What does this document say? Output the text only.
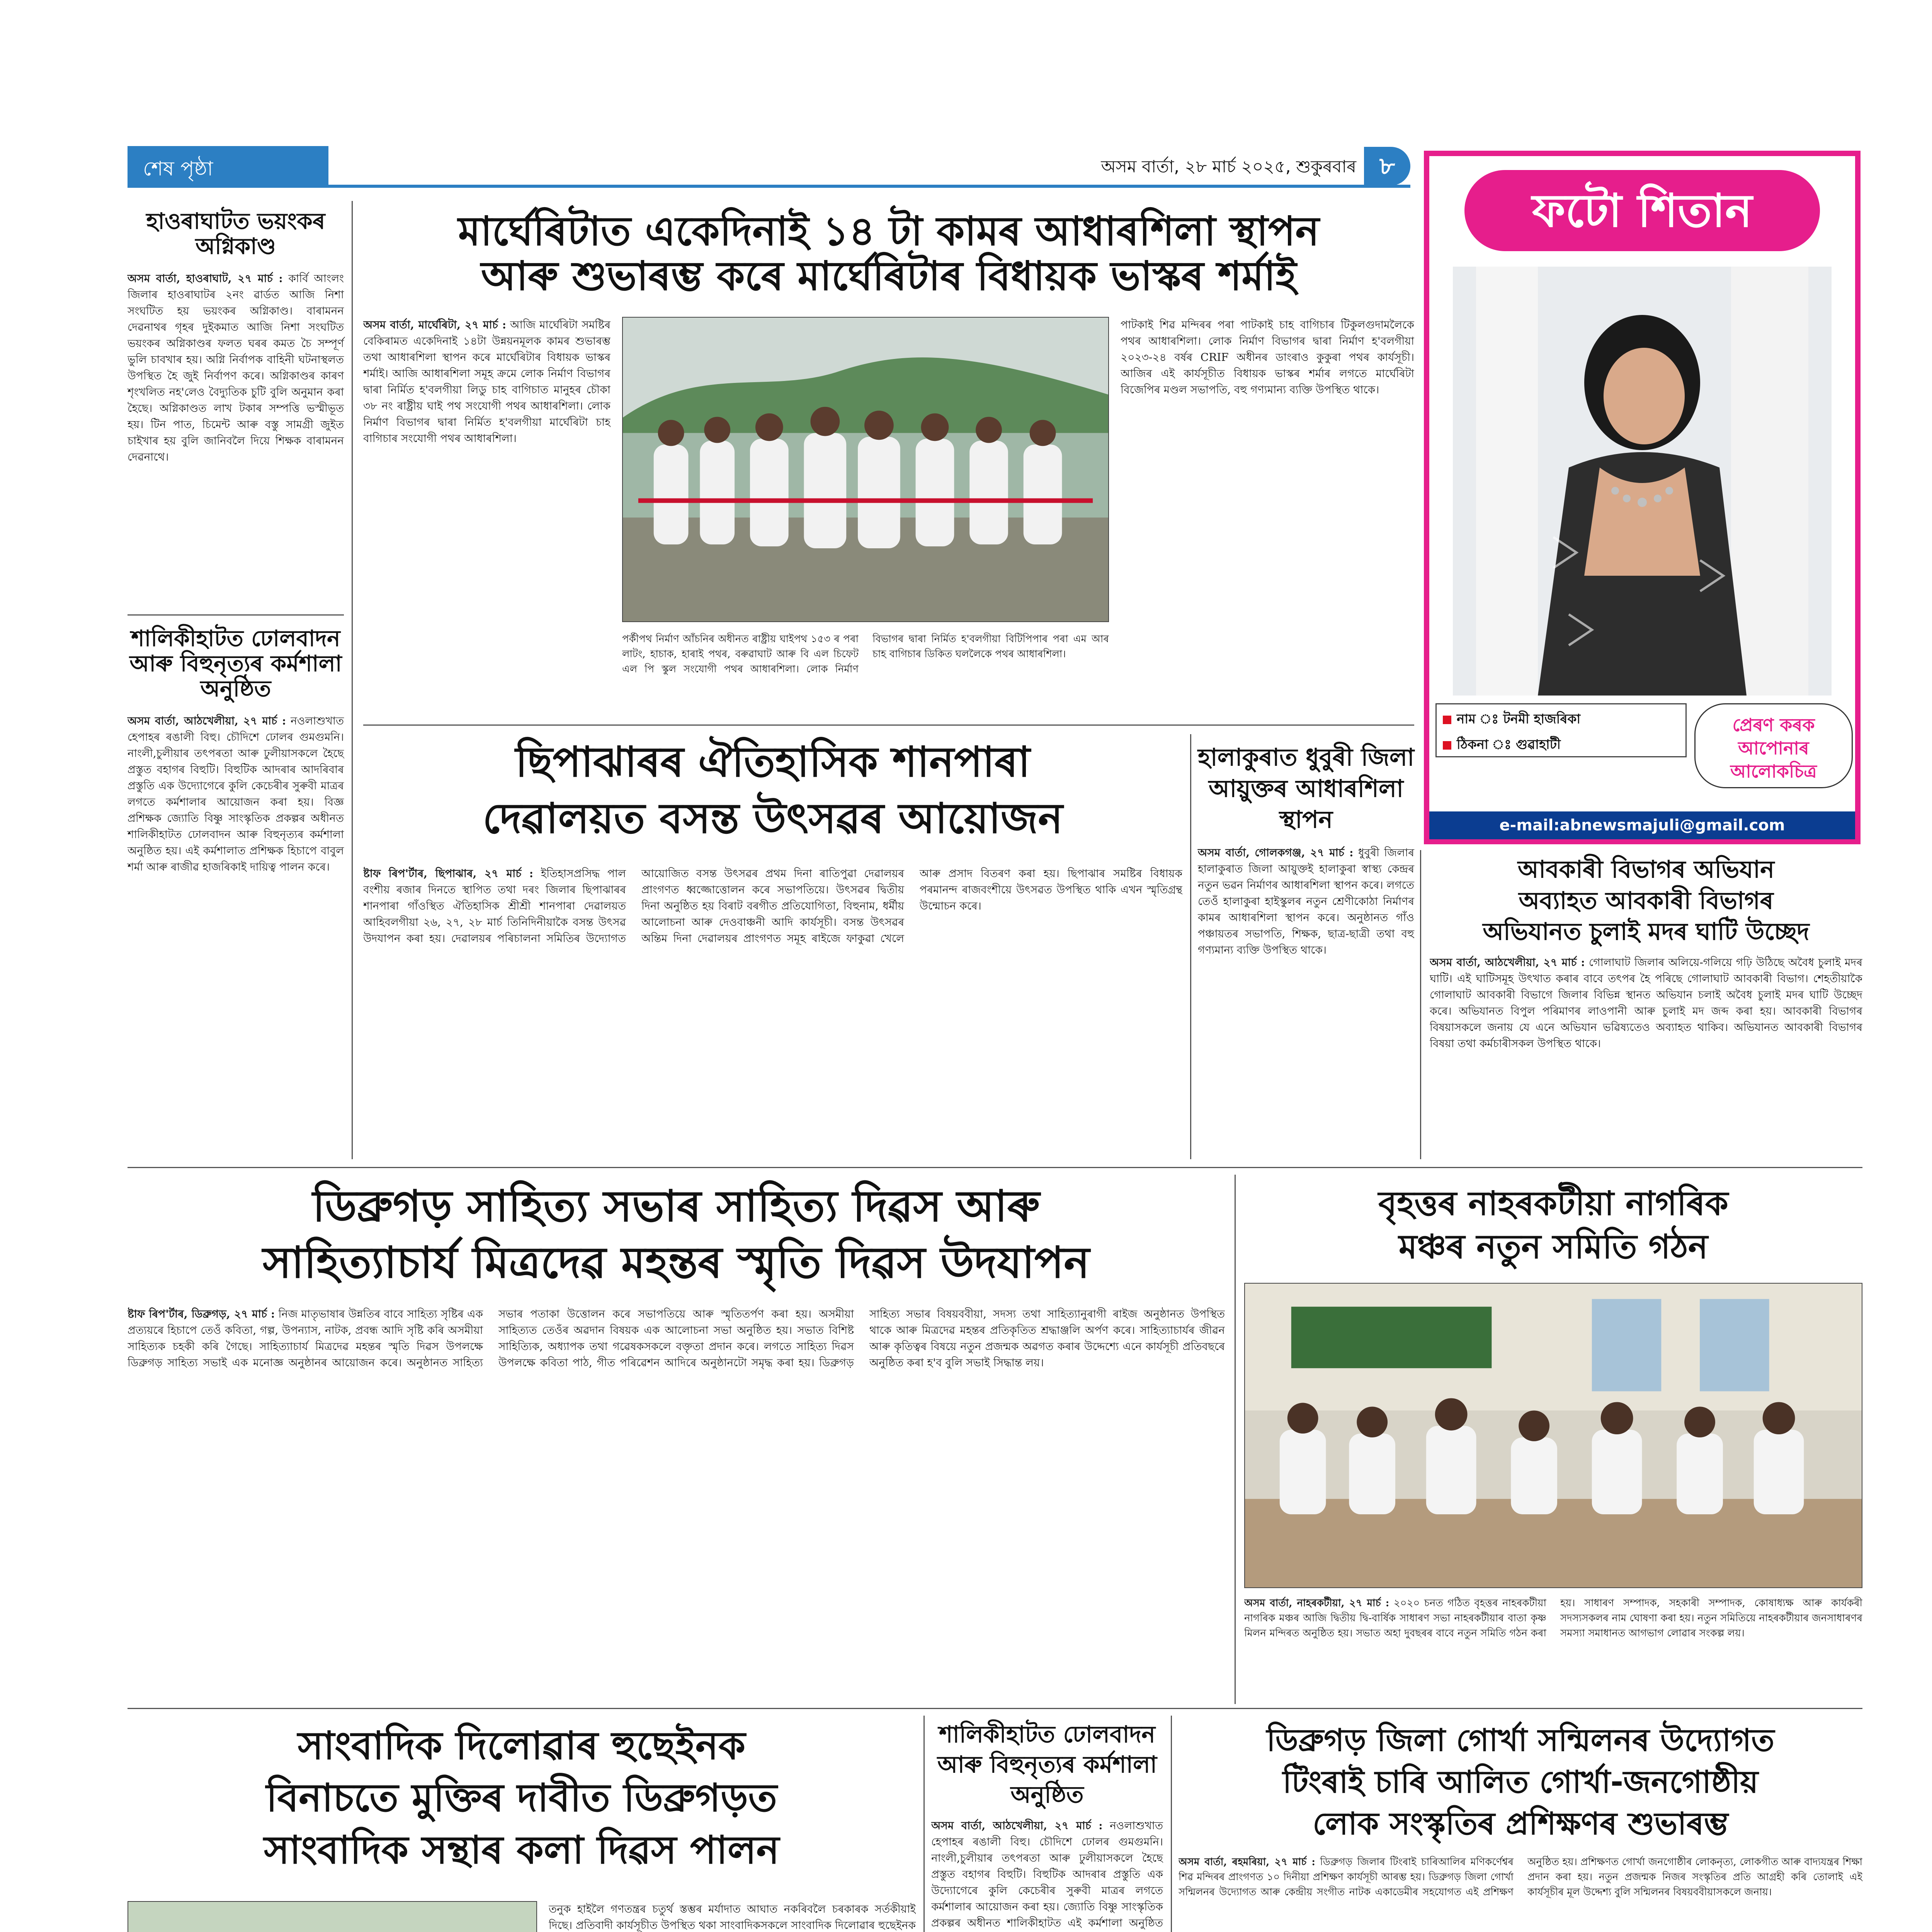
শেষ পৃষ্ঠা	অসম বাৰ্তা, ২৮ মাৰ্চ ২০২৫, শুকুৰবাৰ ৮
হাওৰাঘাটত ভয়ংকৰ অগ্নিকাণ্ড
অসম বাৰ্তা, হাওৰাঘাট, ২৭ মাৰ্চ : কাৰ্বি আংলং জিলাৰ হাওৰাঘাটৰ ২নং ৱাৰ্ডত আজি নিশা সংঘটিত হয় ভয়ংকৰ অগ্নিকাণ্ড। বাৰামনন দেৱনাথৰ গৃহৰ দুইকমাত আজি নিশা সংঘটিত ভয়ংকৰ অগ্নিকাণ্ডৰ ফলত ঘৰৰ কমত চৈ সম্পূৰ্ণ ভুলি চাবখাৰ হয়। অগ্নি নিৰ্বাপক বাহিনী ঘটনাস্থলত উপস্থিত হৈ জুই নিৰ্বাপণ কৰে। অগ্নিকাণ্ডৰ কাৰণ শৃংখলিত নহ'লেও বৈদ্যুতিক চুটি বুলি অনুমান কৰা হৈছে। অগ্নিকাণ্ডত লাখ টকাৰ সম্পত্তি ভস্মীভূত হয়। টিন পাত, চিমেন্ট আৰু বস্তু সামগ্ৰী জুইত চাইখাৰ হয় বুলি জানিবলৈ দিয়ে শিক্ষক বাৰামনন দেৱনাথে।
শালিকীহাটত ঢোলবাদন আৰু বিহুনৃত্যৰ কৰ্মশালা অনুষ্ঠিত
অসম বাৰ্তা, আঠখেলীয়া, ২৭ মাৰ্চ : নওলাশুখাত হেপাহৰ ৰঙালী বিহু। চৌদিশে ঢোলৰ গুমগুমনি। নাংলী,চুলীয়াৰ তৎপৰতা আৰু ঢুলীয়াসকলে হৈছে প্ৰস্তুত বহাগৰ বিহুটি। বিহুটিক আদৰাৰ আদৰিবাৰ প্ৰস্তুতি এক উদ্যোগেৰে কুলি কেচেৰীৰ সুৰুবী মাত্ৰৰ লগতে কৰ্মশালাৰ আয়োজন কৰা হয়। বিজ্ঞ প্ৰশিক্ষক জ্যোতি বিষ্ণু সাংস্কৃতিক প্ৰকল্পৰ অধীনত শালিকীহাটত ঢোলবাদন আৰু বিহুনৃত্যৰ কৰ্মশালা অনুষ্ঠিত হয়। এই কৰ্মশালাত প্ৰশিক্ষক হিচাপে বাবুল শৰ্মা আৰু ৰাজীৱ হাজৰিকাই দায়িত্ব পালন কৰে।
মাৰ্ঘেৰিটাত একেদিনাই ১৪ টা কামৰ আধাৰশিলা স্থাপন
আৰু শুভাৰম্ভ কৰে মাৰ্ঘেৰিটাৰ বিধায়ক ভাস্কৰ শৰ্মাই
অসম বাৰ্তা, মাৰ্ঘেৰিটা, ২৭ মাৰ্চ : আজি মাৰ্ঘেৰিটা সমষ্টিৰ বেকিৰামত একেদিনাই ১৪টা উন্নয়নমূলক কামৰ শুভাৰম্ভ তথা আধাৰশিলা স্থাপন কৰে মাৰ্ঘেৰিটাৰ বিধায়ক ভাস্কৰ শৰ্মাই। আজি আধাৰশিলা সমূহ ক্ৰমে লোক নিৰ্মাণ বিভাগৰ দ্বাৰা নিৰ্মিত হ'বলগীয়া লিডু চাহ বাগিচাত মানুহৰ চৌকা ৩৮ নং ৰাষ্ট্ৰীয় ঘাই পথ সংযোগী পথৰ আধাৰশিলা। লোক নিৰ্মাণ বিভাগৰ দ্বাৰা নিৰ্মিত হ'বলগীয়া মাৰ্ঘেৰিটা চাহ বাগিচাৰ সংযোগী পথৰ আধাৰশিলা।
পাটকাই শিৱ মন্দিৰৰ পৰা পাটকাই চাহ বাগিচাৰ টিকুলগুদামলৈকে পথৰ আধাৰশিলা। লোক নিৰ্মাণ বিভাগৰ দ্বাৰা নিৰ্মাণ হ'বলগীয়া ২০২৩-২৪ বৰ্ষৰ CRIF অধীনৰ ডাংৰাও কুকুৰা পথৰ কাৰ্যসূচী। আজিৰ এই কাৰ্যসূচীত বিধায়ক ভাস্কৰ শৰ্মাৰ লগতে মাৰ্ঘেৰিটা বিজেপিৰ মণ্ডল সভাপতি, বহু গণ্যমান্য ব্যক্তি উপস্থিত থাকে।
পৰ্কীপথ নিৰ্মাণ আঁচনিৰ অধীনত ৰাষ্ট্ৰীয় ঘাইপথ ১৫৩ ৰ পৰা লাটং, হাচাক, হাৰাই পথৰ, বৰুৱাঘাট আৰু বি এল চিফেট এল পি স্কুল সংযোগী পথৰ আধাৰশিলা। লোক নিৰ্মাণ বিভাগৰ দ্বাৰা নিৰ্মিত হ'বলগীয়া বিটিপিপাৰ পৰা এম আৰ চাহ বাগিচাৰ ডিকিত ঘললৈকে পথৰ আধাৰশিলা।
ফটো শিতান
নাম ঃ টনমী হাজৰিকা
ঠিকনা ঃ গুৱাহাটী
প্ৰেৰণ কৰক আপোনাৰ আলোকচিত্ৰ
e-mail:abnewsmajuli@gmail.com
ছিপাঝাৰৰ ঐতিহাসিক শানপাৰা
দেৱালয়ত বসন্ত উৎসৱৰ আয়োজন
ষ্টাফ ৰিপ'ৰ্টাৰ, ছিপাঝাৰ, ২৭ মাৰ্চ : ইতিহাসপ্ৰসিদ্ধ পাল বংশীয় ৰজাৰ দিনতে স্থাপিত তথা দৰং জিলাৰ ছিপাঝাৰৰ শানপাৰা গাঁওস্থিত ঐতিহাসিক শ্ৰীশ্ৰী শানপাৰা দেৱালয়ত আহিবলগীয়া ২৬, ২৭, ২৮ মাৰ্চ তিনিদিনীয়াকৈ বসন্ত উৎসৱ উদযাপন কৰা হয়। দেৱালয়ৰ পৰিচালনা সমিতিৰ উদ্যোগত আয়োজিত বসন্ত উৎসৱৰ প্ৰথম দিনা ৰাতিপুৱা দেৱালয়ৰ প্ৰাংগণত ধ্বজ্জোত্তোলন কৰে সভাপতিয়ে। উৎসৱৰ দ্বিতীয় দিনা অনুষ্ঠিত হয় বিৰাট বৰগীত প্ৰতিযোগিতা, বিহুনাম, ধৰ্মীয় আলোচনা আৰু দেওবাঞ্চনী আদি কাৰ্যসূচী। বসন্ত উৎসৱৰ অন্তিম দিনা দেৱালয়ৰ প্ৰাংগণত সমূহ ৰাইজে ফাকুৱা খেলে আৰু প্ৰসাদ বিতৰণ কৰা হয়। ছিপাঝাৰ সমষ্টিৰ বিধায়ক পৰমানন্দ ৰাজবংশীয়ে উৎসৱত উপস্থিত থাকি এখন স্মৃতিগ্ৰন্থ উন্মোচন কৰে।
হালাকুৰাত ধুবুৰী জিলা আয়ুক্তৰ আধাৰশিলা স্থাপন
অসম বাৰ্তা, গোলকগঞ্জ, ২৭ মাৰ্চ : ধুবুৰী জিলাৰ হালাকুৰাত জিলা আয়ুক্তই হালাকুৰা স্বাস্থ্য কেন্দ্ৰৰ নতুন ভৱন নিৰ্মাণৰ আধাৰশিলা স্থাপন কৰে। লগতে তেওঁ হালাকুৰা হাইস্কুলৰ নতুন শ্ৰেণীকোঠা নিৰ্মাণৰ কামৰ আধাৰশিলা স্থাপন কৰে। অনুষ্ঠানত গাঁও পঞ্চায়তৰ সভাপতি, শিক্ষক, ছাত্ৰ-ছাত্ৰী তথা বহু গণ্যমান্য ব্যক্তি উপস্থিত থাকে।
আবকাৰী বিভাগৰ অভিযান
অব্যাহত আবকাৰী বিভাগৰ
অভিযানত চুলাই মদৰ ঘাটি উচ্ছেদ
অসম বাৰ্তা, আঠখেলীয়া, ২৭ মাৰ্চ : গোলাঘাট জিলাৰ অলিয়ে-গলিয়ে গঢ়ি উঠিছে অবৈধ চুলাই মদৰ ঘাটি। এই ঘাটিসমূহ উৎখাত কৰাৰ বাবে তৎপৰ হৈ পৰিছে গোলাঘাট আবকাৰী বিভাগ। শেহতীয়াকৈ গোলাঘাট আবকাৰী বিভাগে জিলাৰ বিভিন্ন স্থানত অভিযান চলাই অবৈধ চুলাই মদৰ ঘাটি উচ্ছেদ কৰে। অভিযানত বিপুল পৰিমাণৰ লাওপানী আৰু চুলাই মদ জব্দ কৰা হয়। আবকাৰী বিভাগৰ বিষয়াসকলে জনায় যে এনে অভিযান ভৱিষ্যতেও অব্যাহত থাকিব। অভিযানত আবকাৰী বিভাগৰ বিষয়া তথা কৰ্মচাৰীসকল উপস্থিত থাকে।
ডিব্ৰুগড় সাহিত্য সভাৰ সাহিত্য দিৱস আৰু
সাহিত্যাচাৰ্য মিত্ৰদেৱ মহন্তৰ স্মৃতি দিৱস উদযাপন
ষ্টাফ ৰিপ'ৰ্টাৰ, ডিব্ৰুগড়, ২৭ মাৰ্চ : নিজ মাতৃভাষাৰ উন্নতিৰ বাবে সাহিত্য সৃষ্টিৰ এক প্ৰত্যয়ৰে হিচাপে তেওঁ কবিতা, গল্প, উপন্যাস, নাটক, প্ৰবন্ধ আদি সৃষ্টি কৰি অসমীয়া সাহিত্যক চহকী কৰি গৈছে। সাহিত্যাচাৰ্য মিত্ৰদেৱ মহন্তৰ স্মৃতি দিৱস উপলক্ষে ডিব্ৰুগড় সাহিত্য সভাই এক মনোজ্ঞ অনুষ্ঠানৰ আয়োজন কৰে। অনুষ্ঠানত সাহিত্য সভাৰ পতাকা উত্তোলন কৰে সভাপতিয়ে আৰু স্মৃতিতৰ্পণ কৰা হয়। অসমীয়া সাহিত্যত তেওঁৰ অৱদান বিষয়ক এক আলোচনা সভা অনুষ্ঠিত হয়। সভাত বিশিষ্ট সাহিত্যিক, অধ্যাপক তথা গৱেষকসকলে বক্তৃতা প্ৰদান কৰে। লগতে সাহিত্য দিৱস উপলক্ষে কবিতা পাঠ, গীত পৰিৱেশন আদিৰে অনুষ্ঠানটো সমৃদ্ধ কৰা হয়। ডিব্ৰুগড় সাহিত্য সভাৰ বিষয়ববীয়া, সদস্য তথা সাহিত্যানুৰাগী ৰাইজ অনুষ্ঠানত উপস্থিত থাকে আৰু মিত্ৰদেৱ মহন্তৰ প্ৰতিকৃতিত শ্ৰদ্ধাঞ্জলি অৰ্পণ কৰে। সাহিত্যাচাৰ্যৰ জীৱন আৰু কৃতিত্বৰ বিষয়ে নতুন প্ৰজন্মক অৱগত কৰাৰ উদ্দেশ্যে এনে কাৰ্যসূচী প্ৰতিবছৰে অনুষ্ঠিত কৰা হ'ব বুলি সভাই সিদ্ধান্ত লয়।
বৃহত্তৰ নাহৰকটীয়া নাগৰিক
মঞ্চৰ নতুন সমিতি গঠন
অসম বাৰ্তা, নাহৰকটীয়া, ২৭ মাৰ্চ : ২০২০ চনত গঠিত বৃহত্তৰ নাহৰকটীয়া নাগৰিক মঞ্চৰ আজি দ্বিতীয় দ্বি-বাৰ্ষিক সাধাৰণ সভা নাহৰকটীয়াৰ বাতা কৃষ্ণ মিলন মন্দিৰত অনুষ্ঠিত হয়। সভাত অহা দুবছৰৰ বাবে নতুন সমিতি গঠন কৰা হয়। সাধাৰণ সম্পাদক, সহকাৰী সম্পাদক, কোষাধ্যক্ষ আৰু কাৰ্যকৰী সদস্যসকলৰ নাম ঘোষণা কৰা হয়। নতুন সমিতিয়ে নাহৰকটীয়াৰ জনসাধাৰণৰ সমস্যা সমাধানত আগভাগ লোৱাৰ সংকল্প লয়।
সাংবাদিক দিলোৱাৰ হুছেইনক
বিনাচতে মুক্তিৰ দাবীত ডিব্ৰুগড়ত
সাংবাদিক সন্থাৰ কলা দিৱস পালন
তনুক হাইলৈ গণতন্ত্ৰৰ চতুৰ্থ স্তম্ভৰ মৰ্যাদাত আঘাত নকৰিবলৈ চৰকাৰক সৰ্তকীয়াই দিছে। প্ৰতিবাদী কাৰ্যসূচীত উপস্থিত থকা সাংবাদিকসকলে সাংবাদিক দিলোৱাৰ হুছেইনক
শালিকীহাটত ঢোলবাদন আৰু বিহুনৃত্যৰ কৰ্মশালা অনুষ্ঠিত
অসম বাৰ্তা, আঠখেলীয়া, ২৭ মাৰ্চ : নওলাশুখাত হেপাহৰ ৰঙালী বিহু। চৌদিশে ঢোলৰ গুমগুমনি। নাংলী,চুলীয়াৰ তৎপৰতা আৰু ঢুলীয়াসকলে হৈছে প্ৰস্তুত বহাগৰ বিহুটি। বিহুটিক আদৰাৰ প্ৰস্তুতি এক উদ্যোগেৰে কুলি কেচেৰীৰ সুৰুবী মাত্ৰৰ লগতে কৰ্মশালাৰ আয়োজন কৰা হয়। জ্যোতি বিষ্ণু সাংস্কৃতিক প্ৰকল্পৰ অধীনত শালিকীহাটত এই কৰ্মশালা অনুষ্ঠিত
ডিব্ৰুগড় জিলা গোৰ্খা সন্মিলনৰ উদ্যোগত
টিংৰাই চাৰি আলিত গোৰ্খা-জনগোষ্ঠীয়
লোক সংস্কৃতিৰ প্ৰশিক্ষণৰ শুভাৰম্ভ
অসম বাৰ্তা, ৰহমৰিয়া, ২৭ মাৰ্চ : ডিব্ৰুগড় জিলাৰ টিংৰাই চাৰিআলিৰ মণিকৰ্ণেশ্বৰ শিৱ মন্দিৰৰ প্ৰাংগণত ১০ দিনীয়া প্ৰশিক্ষণ কাৰ্যসূচী আৰম্ভ হয়। ডিব্ৰুগড় জিলা গোৰ্খা সন্মিলনৰ উদ্যোগত আৰু কেন্দ্ৰীয় সংগীত নাটক একাডেমীৰ সহযোগত এই প্ৰশিক্ষণ অনুষ্ঠিত হয়। প্ৰশিক্ষণত গোৰ্খা জনগোষ্ঠীৰ লোকনৃত্য, লোকগীত আৰু বাদ্যযন্ত্ৰৰ শিক্ষা প্ৰদান কৰা হয়। নতুন প্ৰজন্মক নিজৰ সংস্কৃতিৰ প্ৰতি আগ্ৰহী কৰি তোলাই এই কাৰ্যসূচীৰ মূল উদ্দেশ্য বুলি সন্মিলনৰ বিষয়ববীয়াসকলে জনায়।
